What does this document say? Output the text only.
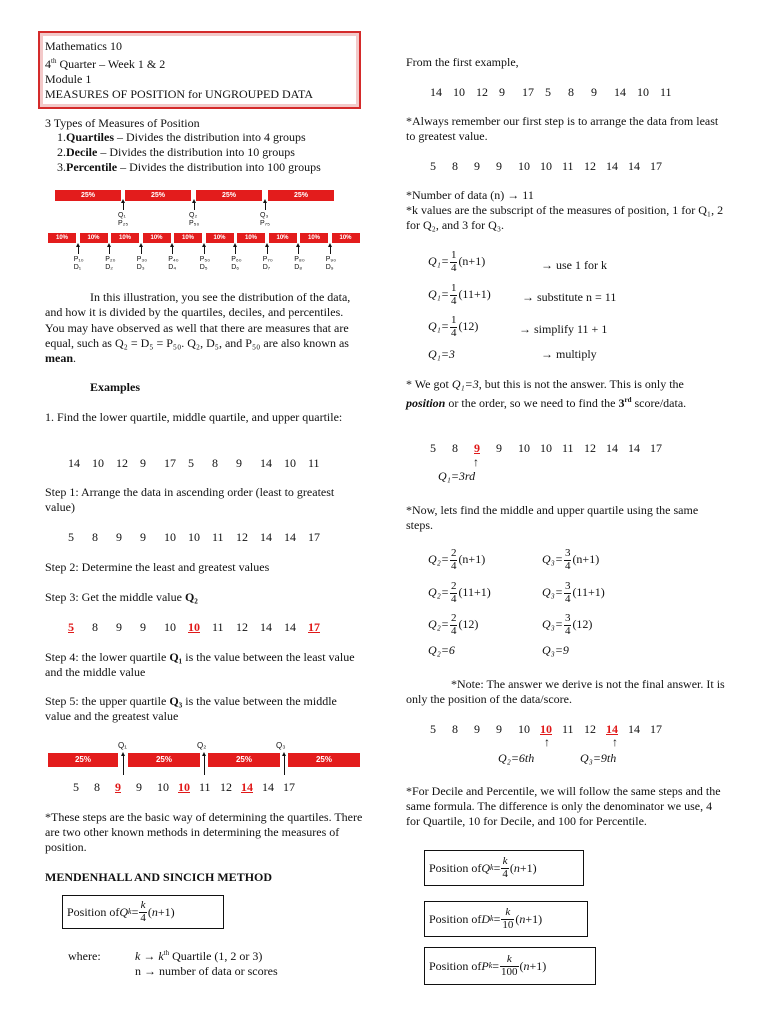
Mathematics 10
4th Quarter – Week 1 & 2
Module 1
MEASURES OF POSITION for UNGROUPED DATA
3 Types of Measures of Position
1.Quartiles – Divides the distribution into 4 groups
2.Decile – Divides the distribution into 10 groups
3.Percentile – Divides the distribution into 100 groups
25%	25%	25%	25%
Q₁
P₂₅
Q₂
P₅₀
Q₃
P₇₅
10%	10%	10%	10%	10%	10%	10%	10%	10%	10%
P₁₀
D₁
P₂₀
D₂
P₃₀
D₃
P₄₀
D₄
P₅₀
D₅
P₆₀
D₆
P₇₀
D₇
P₈₀
D₈
P₉₀
D₉
In this illustration, you see the distribution of the data, and how it is divided by the quartiles, deciles, and percentiles. You may have observed as well that there are measures that are equal, such as Q₂ = D₅ = P₅₀. Q₂, D₅, and P₅₀ are also known as mean.
Examples
1. Find the lower quartile, middle quartile, and upper quartile:
14 10 12 9 17 5 8 9 14 10 11
Step 1: Arrange the data in ascending order (least to greatest value)
5 8 9 9 10 10 11 12 14 14 17
Step 2: Determine the least and greatest values
Step 3: Get the middle value Q₂
5 8 9 9 10 10 11 12 14 14 17
Step 4: the lower quartile Q₁ is the value between the least value and the middle value
Step 5: the upper quartile Q₃ is the value between the middle value and the greatest value
Q₁	Q₂	Q₃
25%	25%	25%	25%
5 8 9 9 10 10 11 12 14 14 17
*These steps are the basic way of determining the quartiles. There are two other known methods in determining the measures of position.
MENDENHALL AND SINCICH METHOD
Position of Q $k = \frac{k}{4} (n+1)$
where:	$k \to k^{th}$ Quartile (1, 2 or 3)
n → number of data or scores
From the first example,
14 10 12 9 17 5 8 9 14 10 11
*Always remember our first step is to arrange the data from least to greatest value.
5 8 9 9 10 10 11 12 14 14 17
*Number of data (n) → 11
*k values are the subscript of the measures of position, 1 for Q₁, 2 for Q₂, and 3 for Q₃.
$Q_1= \frac{1}{4} (n+1)$	→ use 1 for k
$Q_1= \frac{1}{4} (11+1)$	→ substitute n = 11
$Q_1= \frac{1}{4} (12)$	→ simplify 11 + 1
Q₁=3	→ multiply
* We got Q₁=3, but this is not the answer. This is only the position or the order, so we need to find the 3rd score/data.
5 8 9 9 10 10 11 12 14 14 17
↑
Q₁=3rd
*Now, lets find the middle and upper quartile using the same steps.
$Q_2= \frac{2}{4} (n+1)$
$Q_2= \frac{2}{4} (11+1)$
$Q_2= \frac{2}{4} (12)$
Q₂=6
$Q_3= \frac{3}{4} (n+1)$
$Q_3= \frac{3}{4} (11+1)$
$Q_3= \frac{3}{4} (12)$
Q₃=9
*Note: The answer we derive is not the final answer. It is only the position of the data/score.
5 8 9 9 10 10 11 12 14 14 17
↑	↑
Q₂=6th	Q₃=9th
*For Decile and Percentile, we will follow the same steps and the same formula. The difference is only the denominator we use, 4 for Quartile, 10 for Decile, and 100 for Percentile.
Position of Q $k = \frac{k}{4} (n+1)$
Position of D $k = \frac{k}{10} (n+1)$
Position of P $k = \frac{k}{100} (n+1)$
